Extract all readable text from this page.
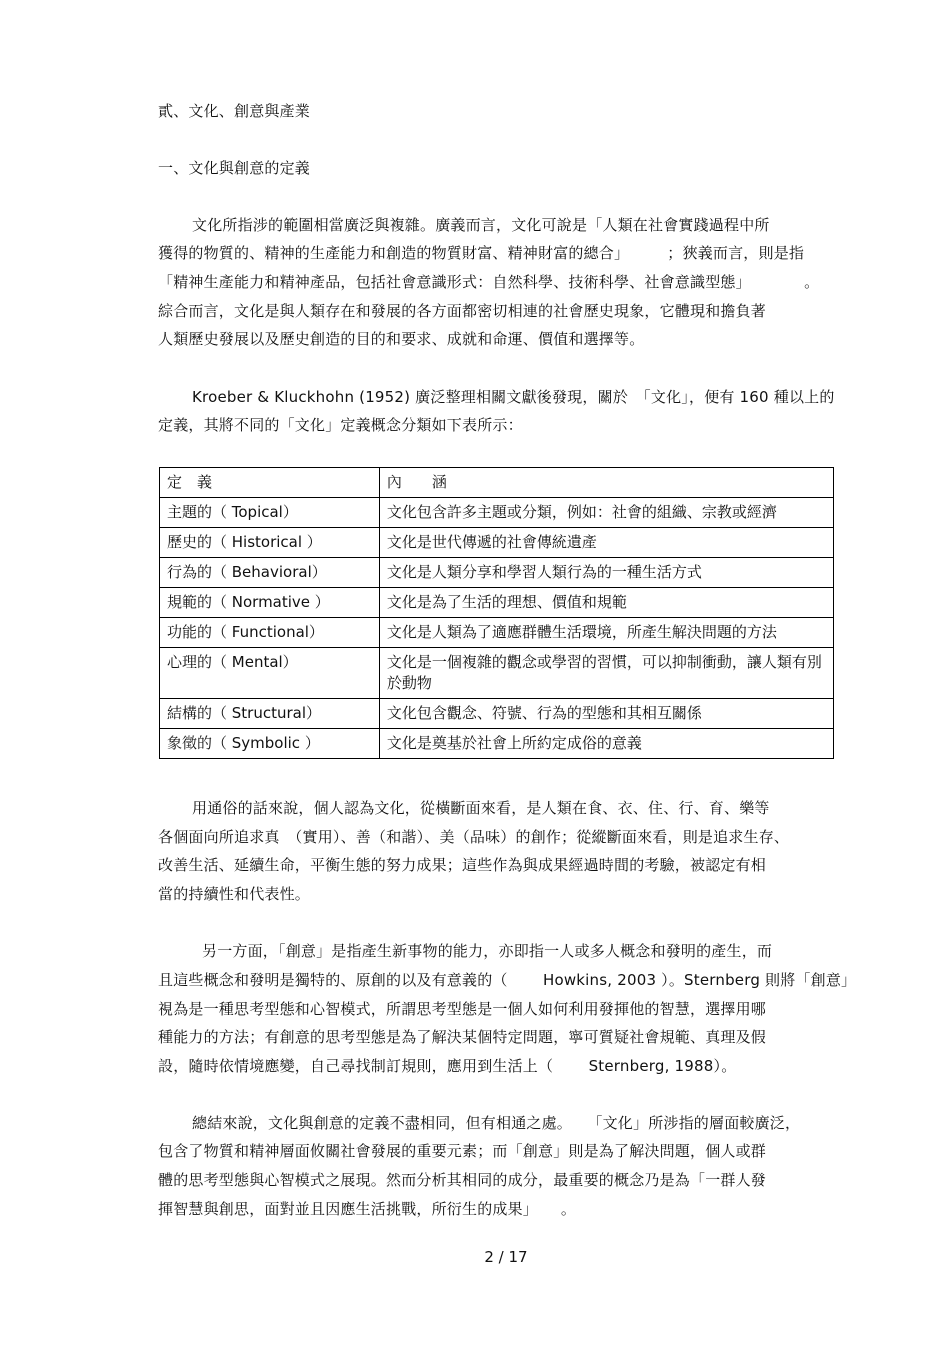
貳、文化、創意與產業
一、文化與創意的定義
文化所指涉的範圍相當廣泛與複雜。廣義而言，文化可說是「人類在社會實踐過程中所
獲得的物質的、精神的生產能力和創造的物質財富、精神財富的總合」　　　；狹義而言，則是指
「精神生產能力和精神產品，包括社會意識形式：自然科學、技術科學、社會意識型態」　　　　。
綜合而言，文化是與人類存在和發展的各方面都密切相連的社會歷史現象，它體現和擔負著
人類歷史發展以及歷史創造的目的和要求、成就和命運、價值和選擇等。
Kroeber & Kluckhohn (1952) 廣泛整理相關文獻後發現，關於　「文化」，便有 160 種以上的
定義，其將不同的「文化」定義概念分類如下表所示：
定　義	內　　涵
主題的（ Topical）	文化包含許多主題或分類，例如：社會的組織、宗教或經濟
歷史的（ Historical ）	文化是世代傳遞的社會傳統遺產
行為的（ Behavioral）	文化是人類分享和學習人類行為的一種生活方式
規範的（ Normative ）	文化是為了生活的理想、價值和規範
功能的（ Functional）	文化是人類為了適應群體生活環境，所產生解決問題的方法
心理的（ Mental）	文化是一個複雜的觀念或學習的習慣，可以抑制衝動，讓人類有別於動物
結構的（ Structural）	文化包含觀念、符號、行為的型態和其相互關係
象徵的（ Symbolic ）	文化是奠基於社會上所約定成俗的意義
用通俗的話來說，個人認為文化，從橫斷面來看，是人類在食、衣、住、行、育、樂等
各個面向所追求真　（實用）、善（和諧）、美（品味）的創作；從縱斷面來看，則是追求生存、
改善生活、延續生命，平衡生態的努力成果；這些作為與成果經過時間的考驗，被認定有相
當的持續性和代表性。
另一方面，「創意」是指產生新事物的能力，亦即指一人或多人概念和發明的產生，而
且這些概念和發明是獨特的、原創的以及有意義的（　　 Howkins, 2003 ）。Sternberg 則將「創意」
視為是一種思考型態和心智模式，所謂思考型態是一個人如何利用發揮他的智慧，選擇用哪
種能力的方法；有創意的思考型態是為了解決某個特定問題，寧可質疑社會規範、真理及假
設，隨時依情境應變，自己尋找制訂規則，應用到生活上（　　 Sternberg, 1988）。
總結來說，文化與創意的定義不盡相同，但有相通之處。　　「文化」所涉指的層面較廣泛，
包含了物質和精神層面攸關社會發展的重要元素；而「創意」則是為了解決問題，個人或群
體的思考型態與心智模式之展現。然而分析其相同的成分，最重要的概念乃是為「一群人發
揮智慧與創思，面對並且因應生活挑戰，所衍生的成果」　　。
2 / 17
